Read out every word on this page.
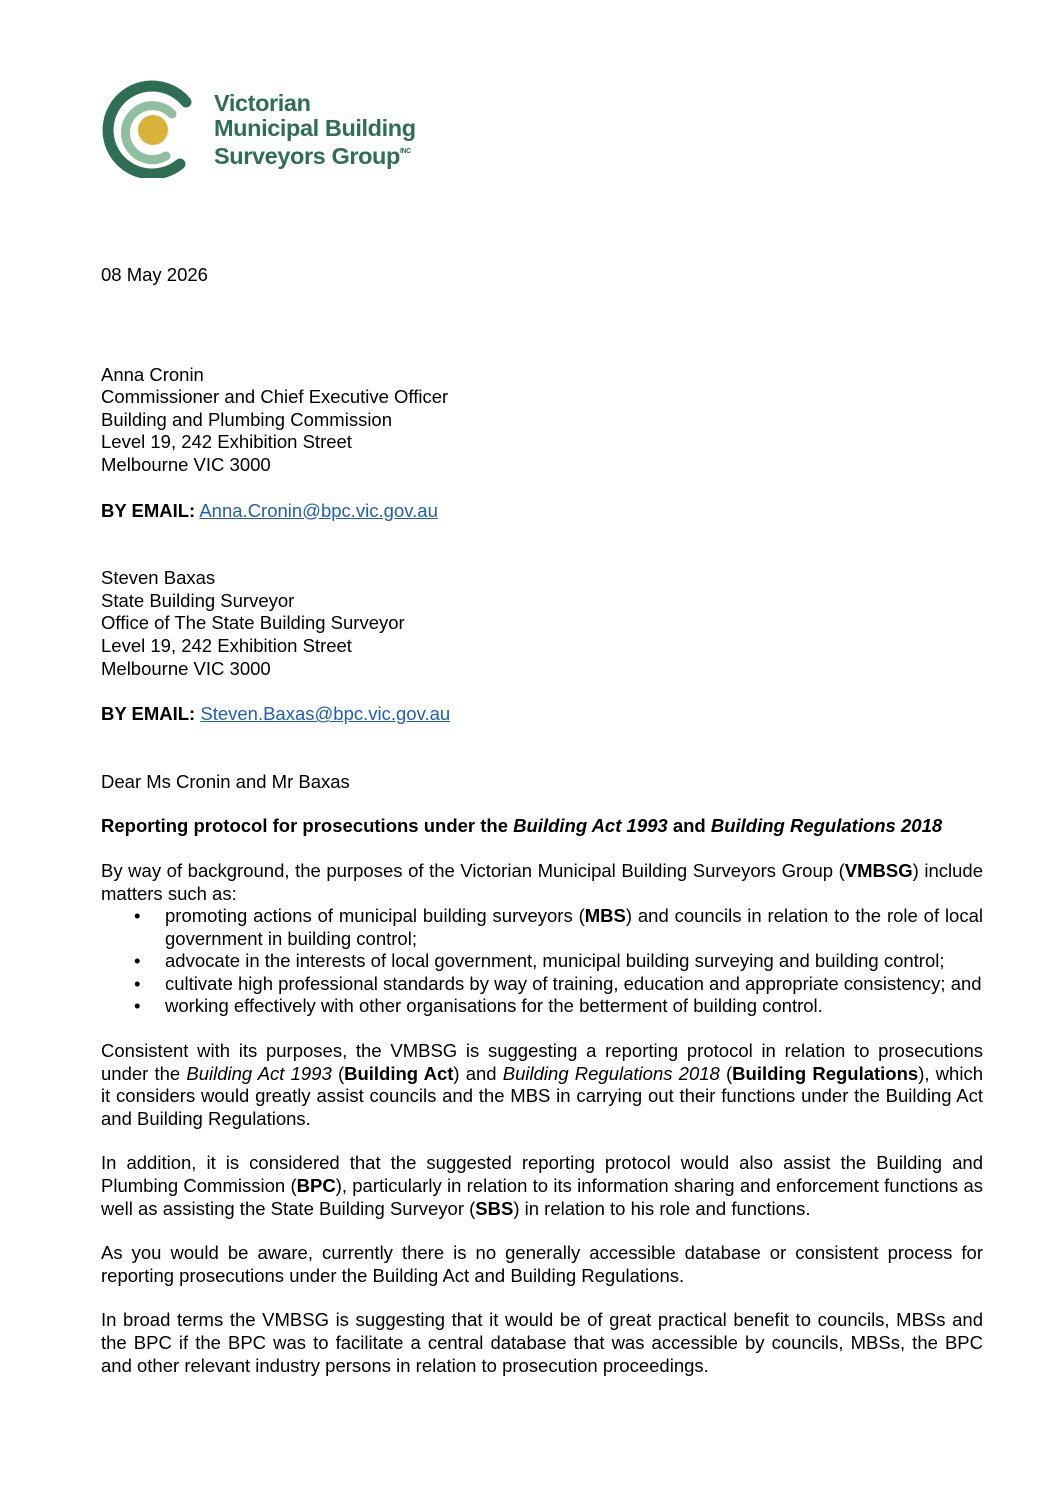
Victorian
Municipal Building
Surveyors Group$^{INC}$
08 May 2026
Anna Cronin
Commissioner and Chief Executive Officer
Building and Plumbing Commission
Level 19, 242 Exhibition Street
Melbourne VIC 3000
BY EMAIL: Anna.Cronin@bpc.vic.gov.au
Steven Baxas
State Building Surveyor
Office of The State Building Surveyor
Level 19, 242 Exhibition Street
Melbourne VIC 3000
BY EMAIL: Steven.Baxas@bpc.vic.gov.au
Dear Ms Cronin and Mr Baxas
Reporting protocol for prosecutions under the Building Act 1993 and Building Regulations 2018

By way of background, the purposes of the Victorian Municipal Building Surveyors Group (VMBSG) include matters such as:

• promoting actions of municipal building surveyors (MBS) and councils in relation to the role of local government in building control;
• advocate in the interests of local government, municipal building surveying and building control;
• cultivate high professional standards by way of training, education and appropriate consistency; and
• working effectively with other organisations for the betterment of building control.

Consistent with its purposes, the VMBSG is suggesting a reporting protocol in relation to prosecutions under the Building Act 1993 (Building Act) and Building Regulations 2018 (Building Regulations), which it considers would greatly assist councils and the MBS in carrying out their functions under the Building Act and Building Regulations.

In addition, it is considered that the suggested reporting protocol would also assist the Building and Plumbing Commission (BPC), particularly in relation to its information sharing and enforcement functions as well as assisting the State Building Surveyor (SBS) in relation to his role and functions.

As you would be aware, currently there is no generally accessible database or consistent process for reporting prosecutions under the Building Act and Building Regulations.

In broad terms the VMBSG is suggesting that it would be of great practical benefit to councils, MBSs and the BPC if the BPC was to facilitate a central database that was accessible by councils, MBSs, the BPC and other relevant industry persons in relation to prosecution proceedings.
